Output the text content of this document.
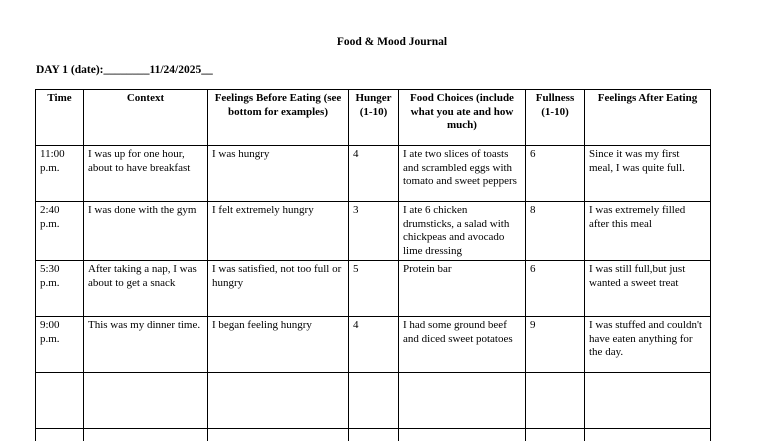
Food & Mood Journal
DAY 1 (date):________11/24/2025__
Time	Context	Feelings Before Eating (see bottom for examples)	Hunger (1-10)	Food Choices (include what you ate and how much)	Fullness (1-10)	Feelings After Eating
11:00 p.m.	I was up for one hour, about to have breakfast	I was hungry	4	I ate two slices of toasts and scrambled eggs with tomato and sweet peppers	6	Since it was my first meal, I was quite full.
2:40 p.m.	I was done with the gym	I felt extremely hungry	3	I ate 6 chicken drumsticks, a salad with chickpeas and avocado lime dressing	8	I was extremely filled after this meal
5:30 p.m.	After taking a nap, I was about to get a snack	I was satisfied, not too full or hungry	5	Protein bar	6	I was still full,but just wanted a sweet treat
9:00 p.m.	This was my dinner time.	I began feeling hungry	4	I had some ground beef and diced sweet potatoes	9	I was stuffed and couldn't have eaten anything for the day.
